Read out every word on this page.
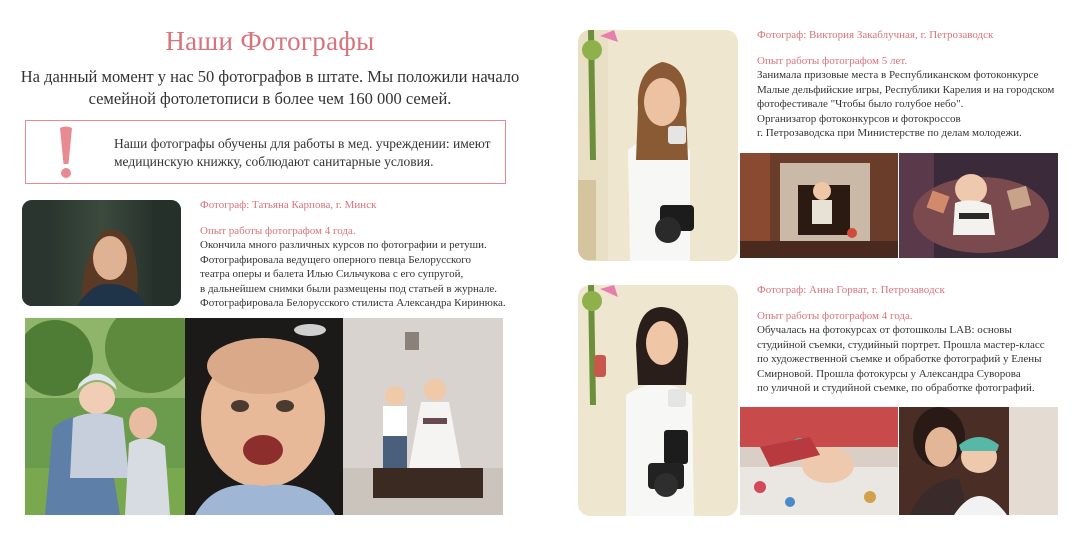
Наши Фотографы
На данный момент у нас 50 фотографов в штате. Мы положили начало семейной фотолетописи в более чем 160 000 семей.
Наши фотографы обучены для работы в мед. учреждении: имеют медицинскую книжку, соблюдают санитарные условия.
Фотограф: Татьяна Карпова, г. Минск
Опыт работы фотографом 4 года.
Окончила много различных курсов по фотографии и ретуши.
Фотографировала ведущего оперного певца Белорусского
театра оперы и балета Илью Сильчукова с его супругой,
в дальнейшем снимки были размещены под статьей в журнале.
Фотографировала Белорусского стилиста Александра Киринюка.
Фотограф: Виктория Закаблучная, г. Петрозаводск
Опыт работы фотографом 5 лет.
Занимала призовые места в Республиканском фотоконкурсе
Малые дельфийские игры, Республики Карелия и на городском
фотофестивале "Чтобы было голубое небо".
Организатор фотоконкурсов и фотокроссов
г. Петрозаводска при Министерстве по делам молодежи.
Фотограф: Анна Горват, г. Петрозаводск
Опыт работы фотографом 4 года.
Обучалась на фотокурсах от фотошколы LAB: основы
студийной съемки, студийный портрет. Прошла мастер-класс
по художественной съемке и обработке фотографий у Елены
Смирновой. Прошла фотокурсы у Александра Суворова
по уличной и студийной съемке, по обработке фотографий.
